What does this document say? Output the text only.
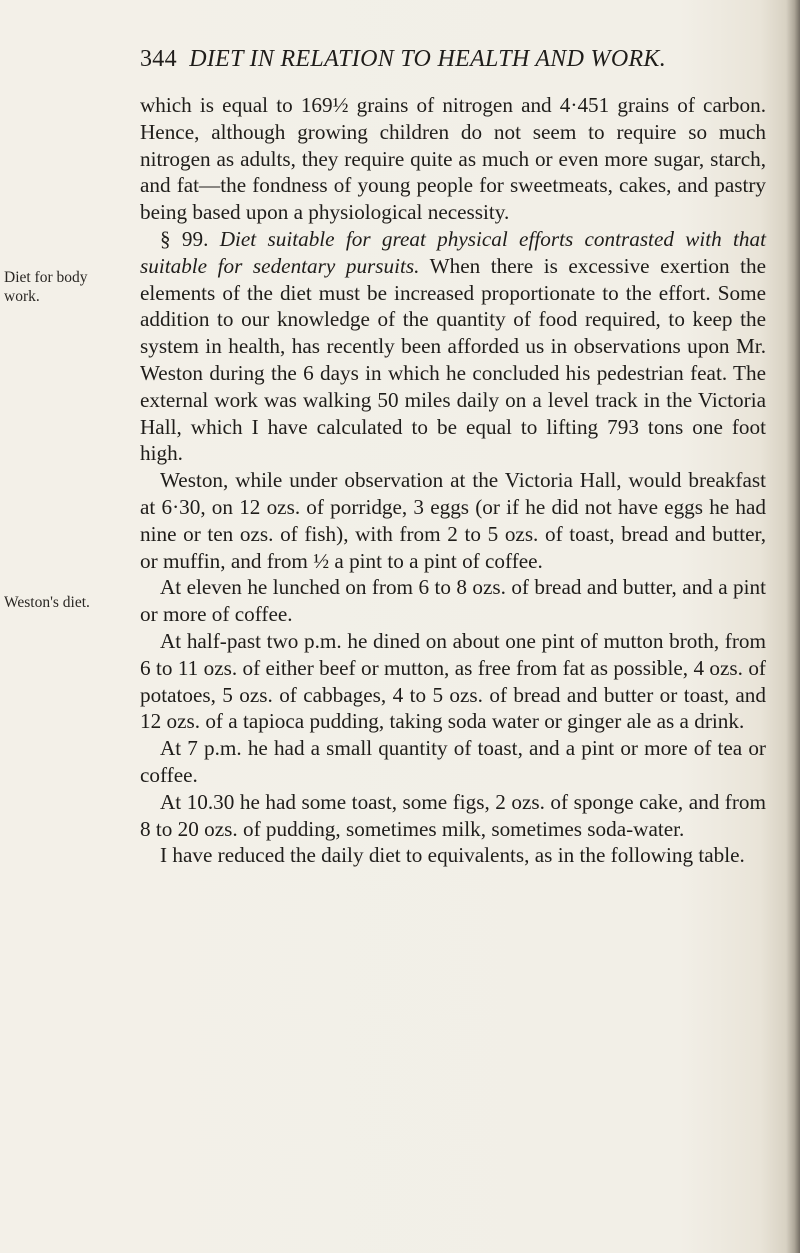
344 DIET IN RELATION TO HEALTH AND WORK.
Diet for body work.
Weston's diet.

which is equal to 169½ grains of nitrogen and 4·451 grains of carbon. Hence, although growing children do not seem to require so much nitrogen as adults, they require quite as much or even more sugar, starch, and fat—the fondness of young people for sweetmeats, cakes, and pastry being based upon a physiological necessity.

§ 99. Diet suitable for great physical efforts contrasted with that suitable for sedentary pursuits. When there is excessive exertion the elements of the diet must be increased proportionate to the effort. Some addition to our knowledge of the quantity of food required, to keep the system in health, has recently been afforded us in observations upon Mr. Weston during the 6 days in which he concluded his pedestrian feat. The external work was walking 50 miles daily on a level track in the Victoria Hall, which I have calculated to be equal to lifting 793 tons one foot high.

Weston, while under observation at the Victoria Hall, would breakfast at 6·30, on 12 ozs. of porridge, 3 eggs (or if he did not have eggs he had nine or ten ozs. of fish), with from 2 to 5 ozs. of toast, bread and butter, or muffin, and from ½ a pint to a pint of coffee.

At eleven he lunched on from 6 to 8 ozs. of bread and butter, and a pint or more of coffee.

At half-past two p.m. he dined on about one pint of mutton broth, from 6 to 11 ozs. of either beef or mutton, as free from fat as possible, 4 ozs. of potatoes, 5 ozs. of cabbages, 4 to 5 ozs. of bread and butter or toast, and 12 ozs. of a tapioca pudding, taking soda water or ginger ale as a drink.

At 7 p.m. he had a small quantity of toast, and a pint or more of tea or coffee.

At 10.30 he had some toast, some figs, 2 ozs. of sponge cake, and from 8 to 20 ozs. of pudding, sometimes milk, sometimes soda-water.

I have reduced the daily diet to equivalents, as in the following table.
